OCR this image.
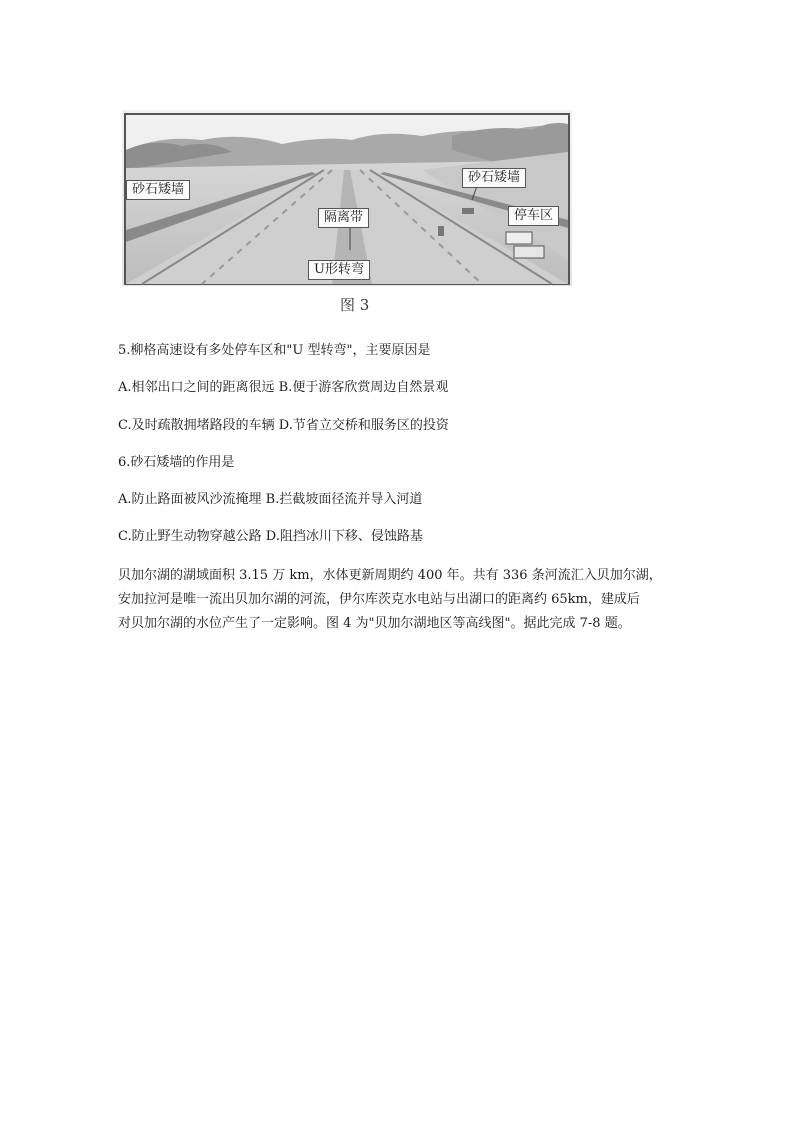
砂石矮墙
砂石矮墙
隔离带	停车区
U形转弯
图 3
5.柳格高速设有多处停车区和"U 型转弯"，主要原因是
A.相邻出口之间的距离很远 B.便于游客欣赏周边自然景观
C.及时疏散拥堵路段的车辆 D.节省立交桥和服务区的投资
6.砂石矮墙的作用是
A.防止路面被风沙流掩埋 B.拦截坡面径流并导入河道
C.防止野生动物穿越公路 D.阻挡冰川下移、侵蚀路基
贝加尔湖的湖域面积 3.15 万 km，水体更新周期约 400 年。共有 336 条河流汇入贝加尔湖，
安加拉河是唯一流出贝加尔湖的河流，伊尔库茨克水电站与出湖口的距离约 65km，建成后
对贝加尔湖的水位产生了一定影响。图 4 为"贝加尔湖地区等高线图"。据此完成 7-8 题。
